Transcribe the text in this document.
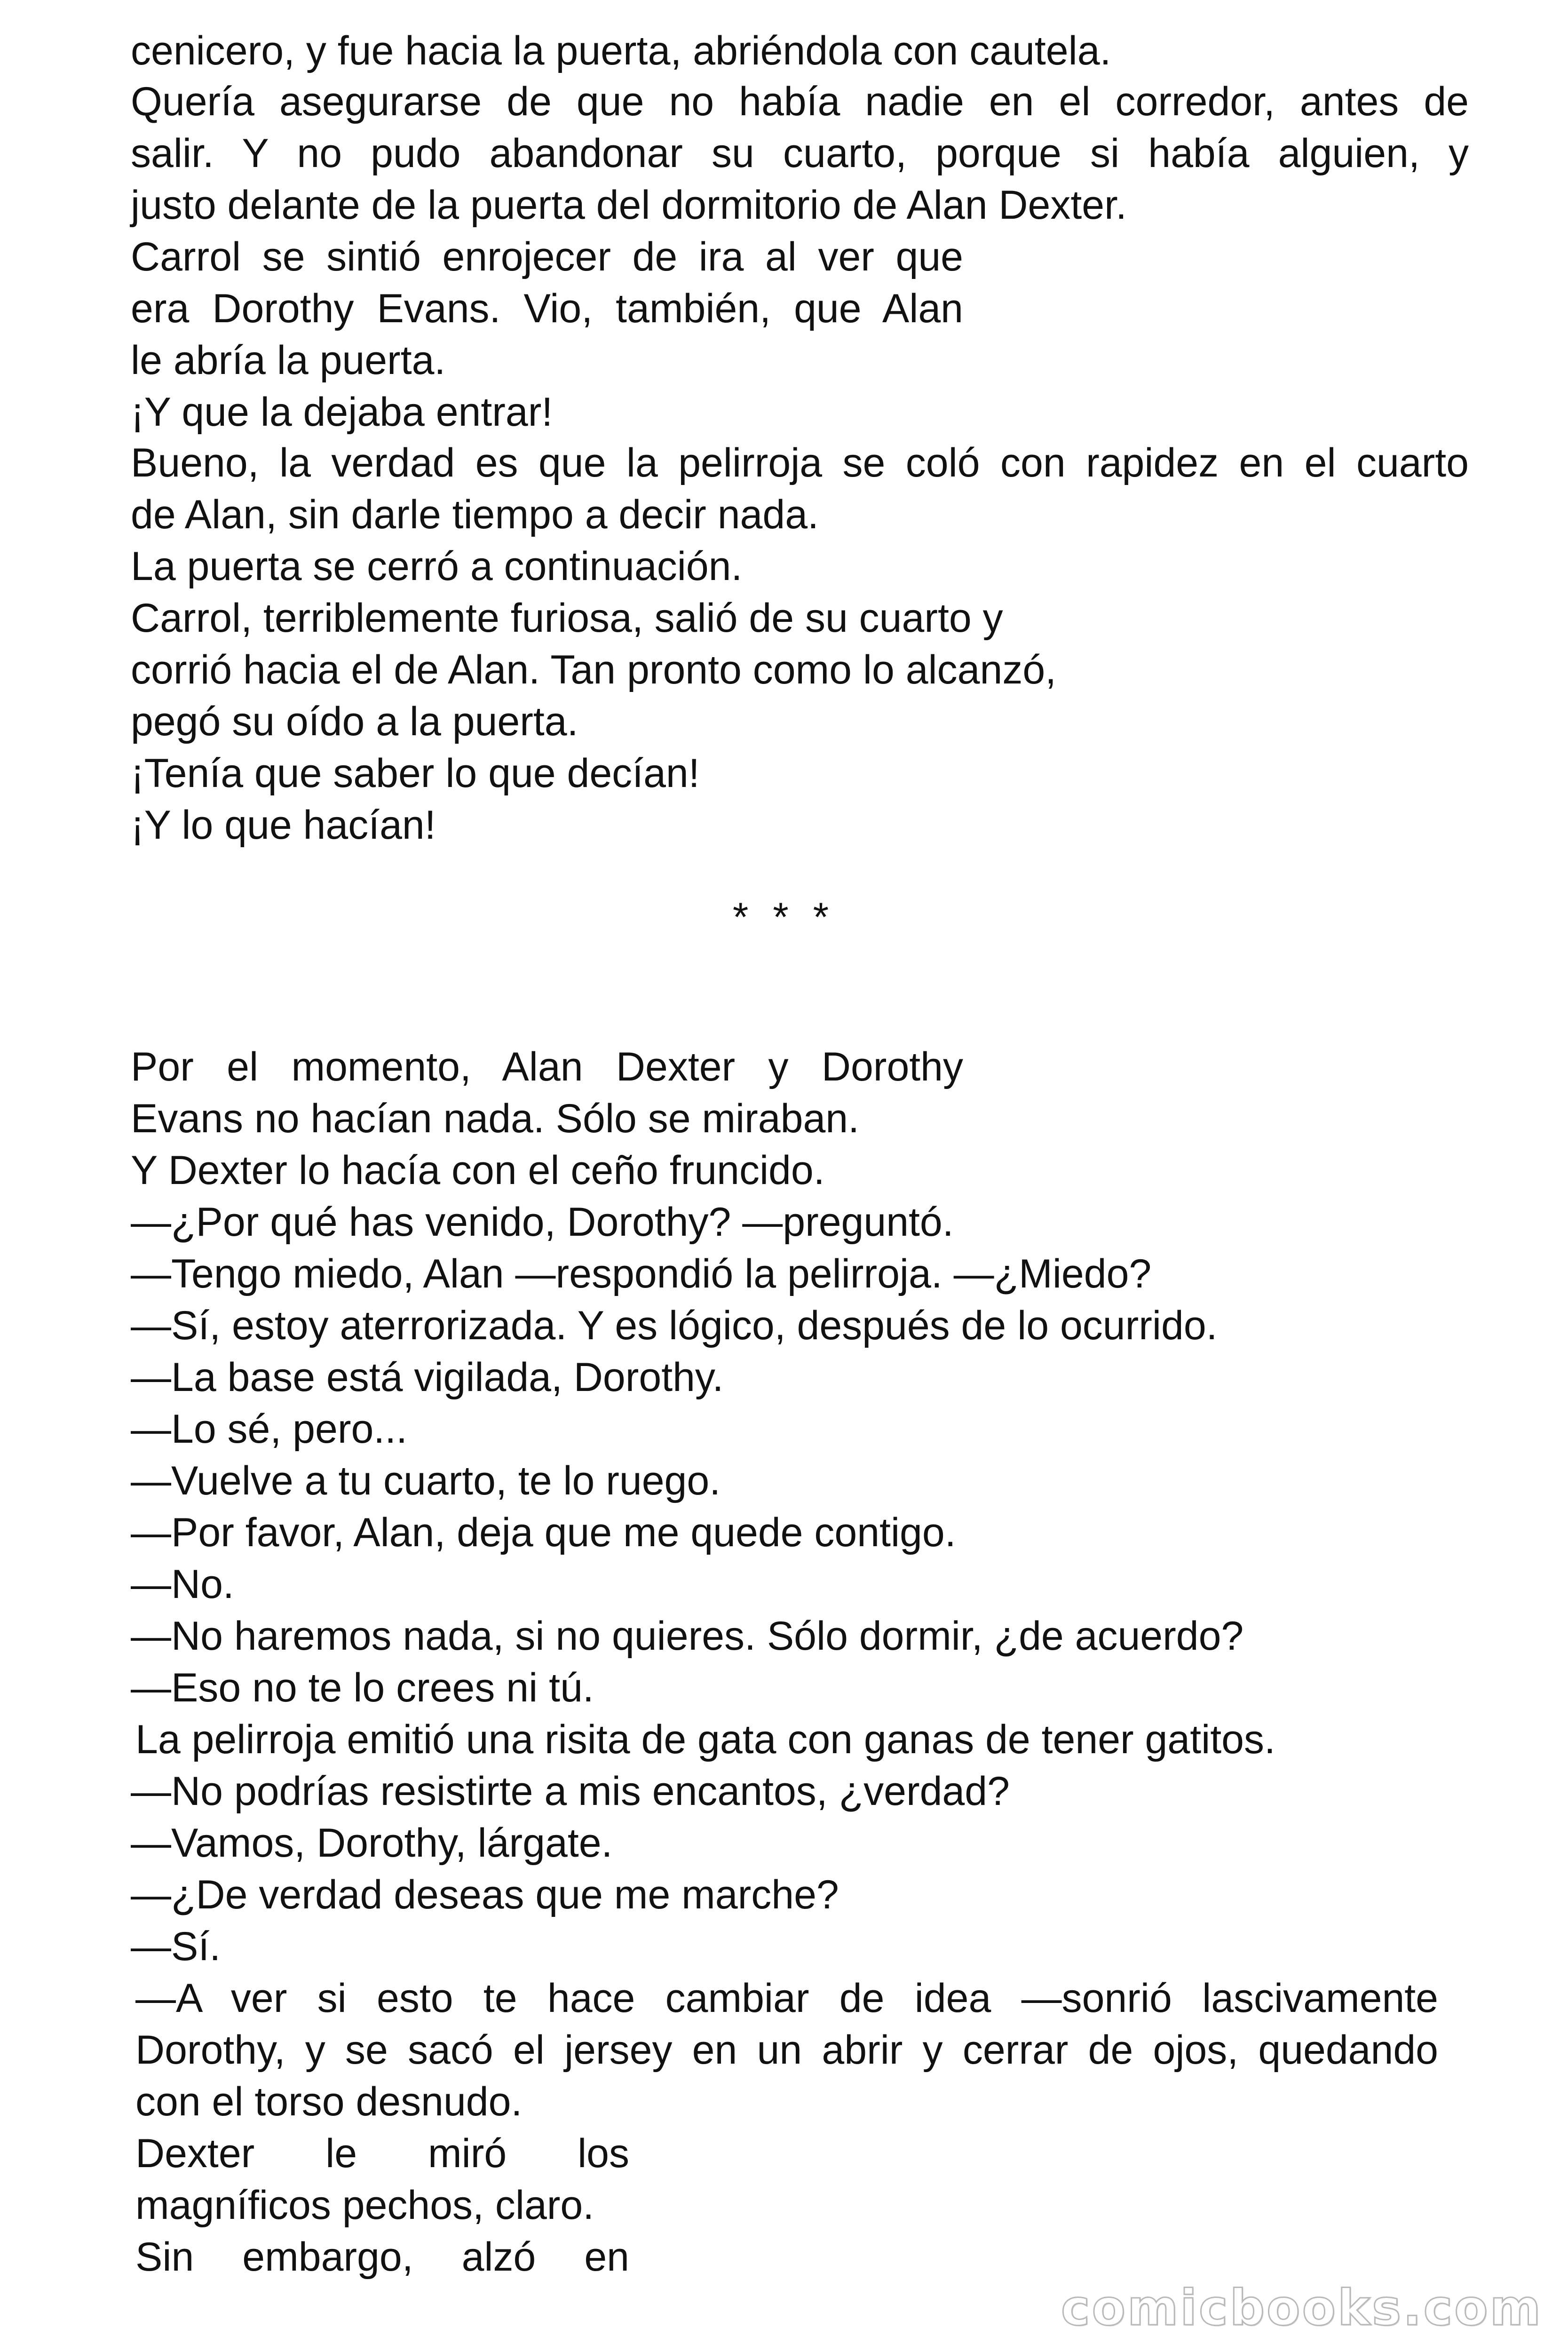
cenicero, y fue hacia la puerta, abriéndola con cautela.
Quería asegurarse de que no había nadie en el corredor, antes de
salir. Y no pudo abandonar su cuarto, porque si había alguien, y
justo delante de la puerta del dormitorio de Alan Dexter.
Carrol se sintió enrojecer de ira al ver que
era Dorothy Evans. Vio, también, que Alan
le abría la puerta.
¡Y que la dejaba entrar!
Bueno, la verdad es que la pelirroja se coló con rapidez en el cuarto
de Alan, sin darle tiempo a decir nada.
La puerta se cerró a continuación.
Carrol, terriblemente furiosa, salió de su cuarto y
corrió hacia el de Alan. Tan pronto como lo alcanzó,
pegó su oído a la puerta.
¡Tenía que saber lo que decían!
¡Y lo que hacían!
* * *
Por el momento, Alan Dexter y Dorothy
Evans no hacían nada. Sólo se miraban.
Y Dexter lo hacía con el ceño fruncido.
—¿Por qué has venido, Dorothy? —preguntó.
—Tengo miedo, Alan —respondió la pelirroja. —¿Miedo?
—Sí, estoy aterrorizada. Y es lógico, después de lo ocurrido.
—La base está vigilada, Dorothy.
—Lo sé, pero...
—Vuelve a tu cuarto, te lo ruego.
—Por favor, Alan, deja que me quede contigo.
—No.
—No haremos nada, si no quieres. Sólo dormir, ¿de acuerdo?
—Eso no te lo crees ni tú.
La pelirroja emitió una risita de gata con ganas de tener gatitos.
—No podrías resistirte a mis encantos, ¿verdad?
—Vamos, Dorothy, lárgate.
—¿De verdad deseas que me marche?
—Sí.
—A ver si esto te hace cambiar de idea —sonrió lascivamente
Dorothy, y se sacó el jersey en un abrir y cerrar de ojos, quedando
con el torso desnudo.
Dexter le miró los
magníficos pechos, claro.
Sin embargo, alzó en
comicbooks.com
